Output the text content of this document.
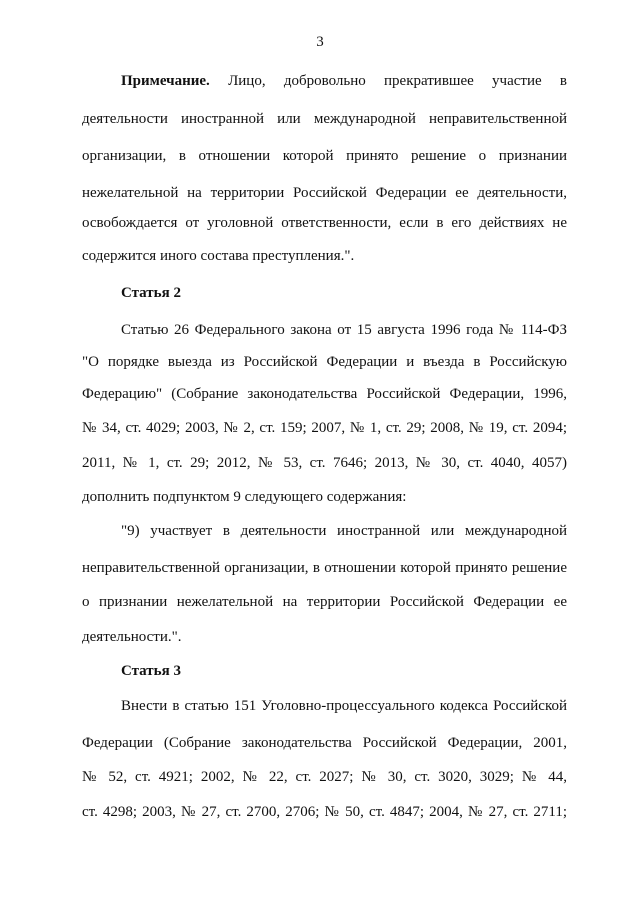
3
Примечание. Лицо, добровольно прекратившее участие в
деятельности иностранной или международной неправительственной
организации, в отношении которой принято решение о признании
нежелательной на территории Российской Федерации ее деятельности,
освобождается от уголовной ответственности, если в его действиях не
содержится иного состава преступления.".
Статья 2
Статью 26 Федерального закона от 15 августа 1996 года № 114-ФЗ
"О порядке выезда из Российской Федерации и въезда в Российскую
Федерацию" (Собрание законодательства Российской Федерации, 1996,
№ 34, ст. 4029; 2003, № 2, ст. 159; 2007, № 1, ст. 29; 2008, № 19, ст. 2094;
2011, № 1, ст. 29; 2012, № 53, ст. 7646; 2013, № 30, ст. 4040, 4057)
дополнить подпунктом 9 следующего содержания:
"9) участвует в деятельности иностранной или международной
неправительственной организации, в отношении которой принято решение
о признании нежелательной на территории Российской Федерации ее
деятельности.".
Статья 3
Внести в статью 151 Уголовно-процессуального кодекса Российской
Федерации (Собрание законодательства Российской Федерации, 2001,
№ 52, ст. 4921; 2002, № 22, ст. 2027; № 30, ст. 3020, 3029; № 44,
ст. 4298; 2003, № 27, ст. 2700, 2706; № 50, ст. 4847; 2004, № 27, ст. 2711;
